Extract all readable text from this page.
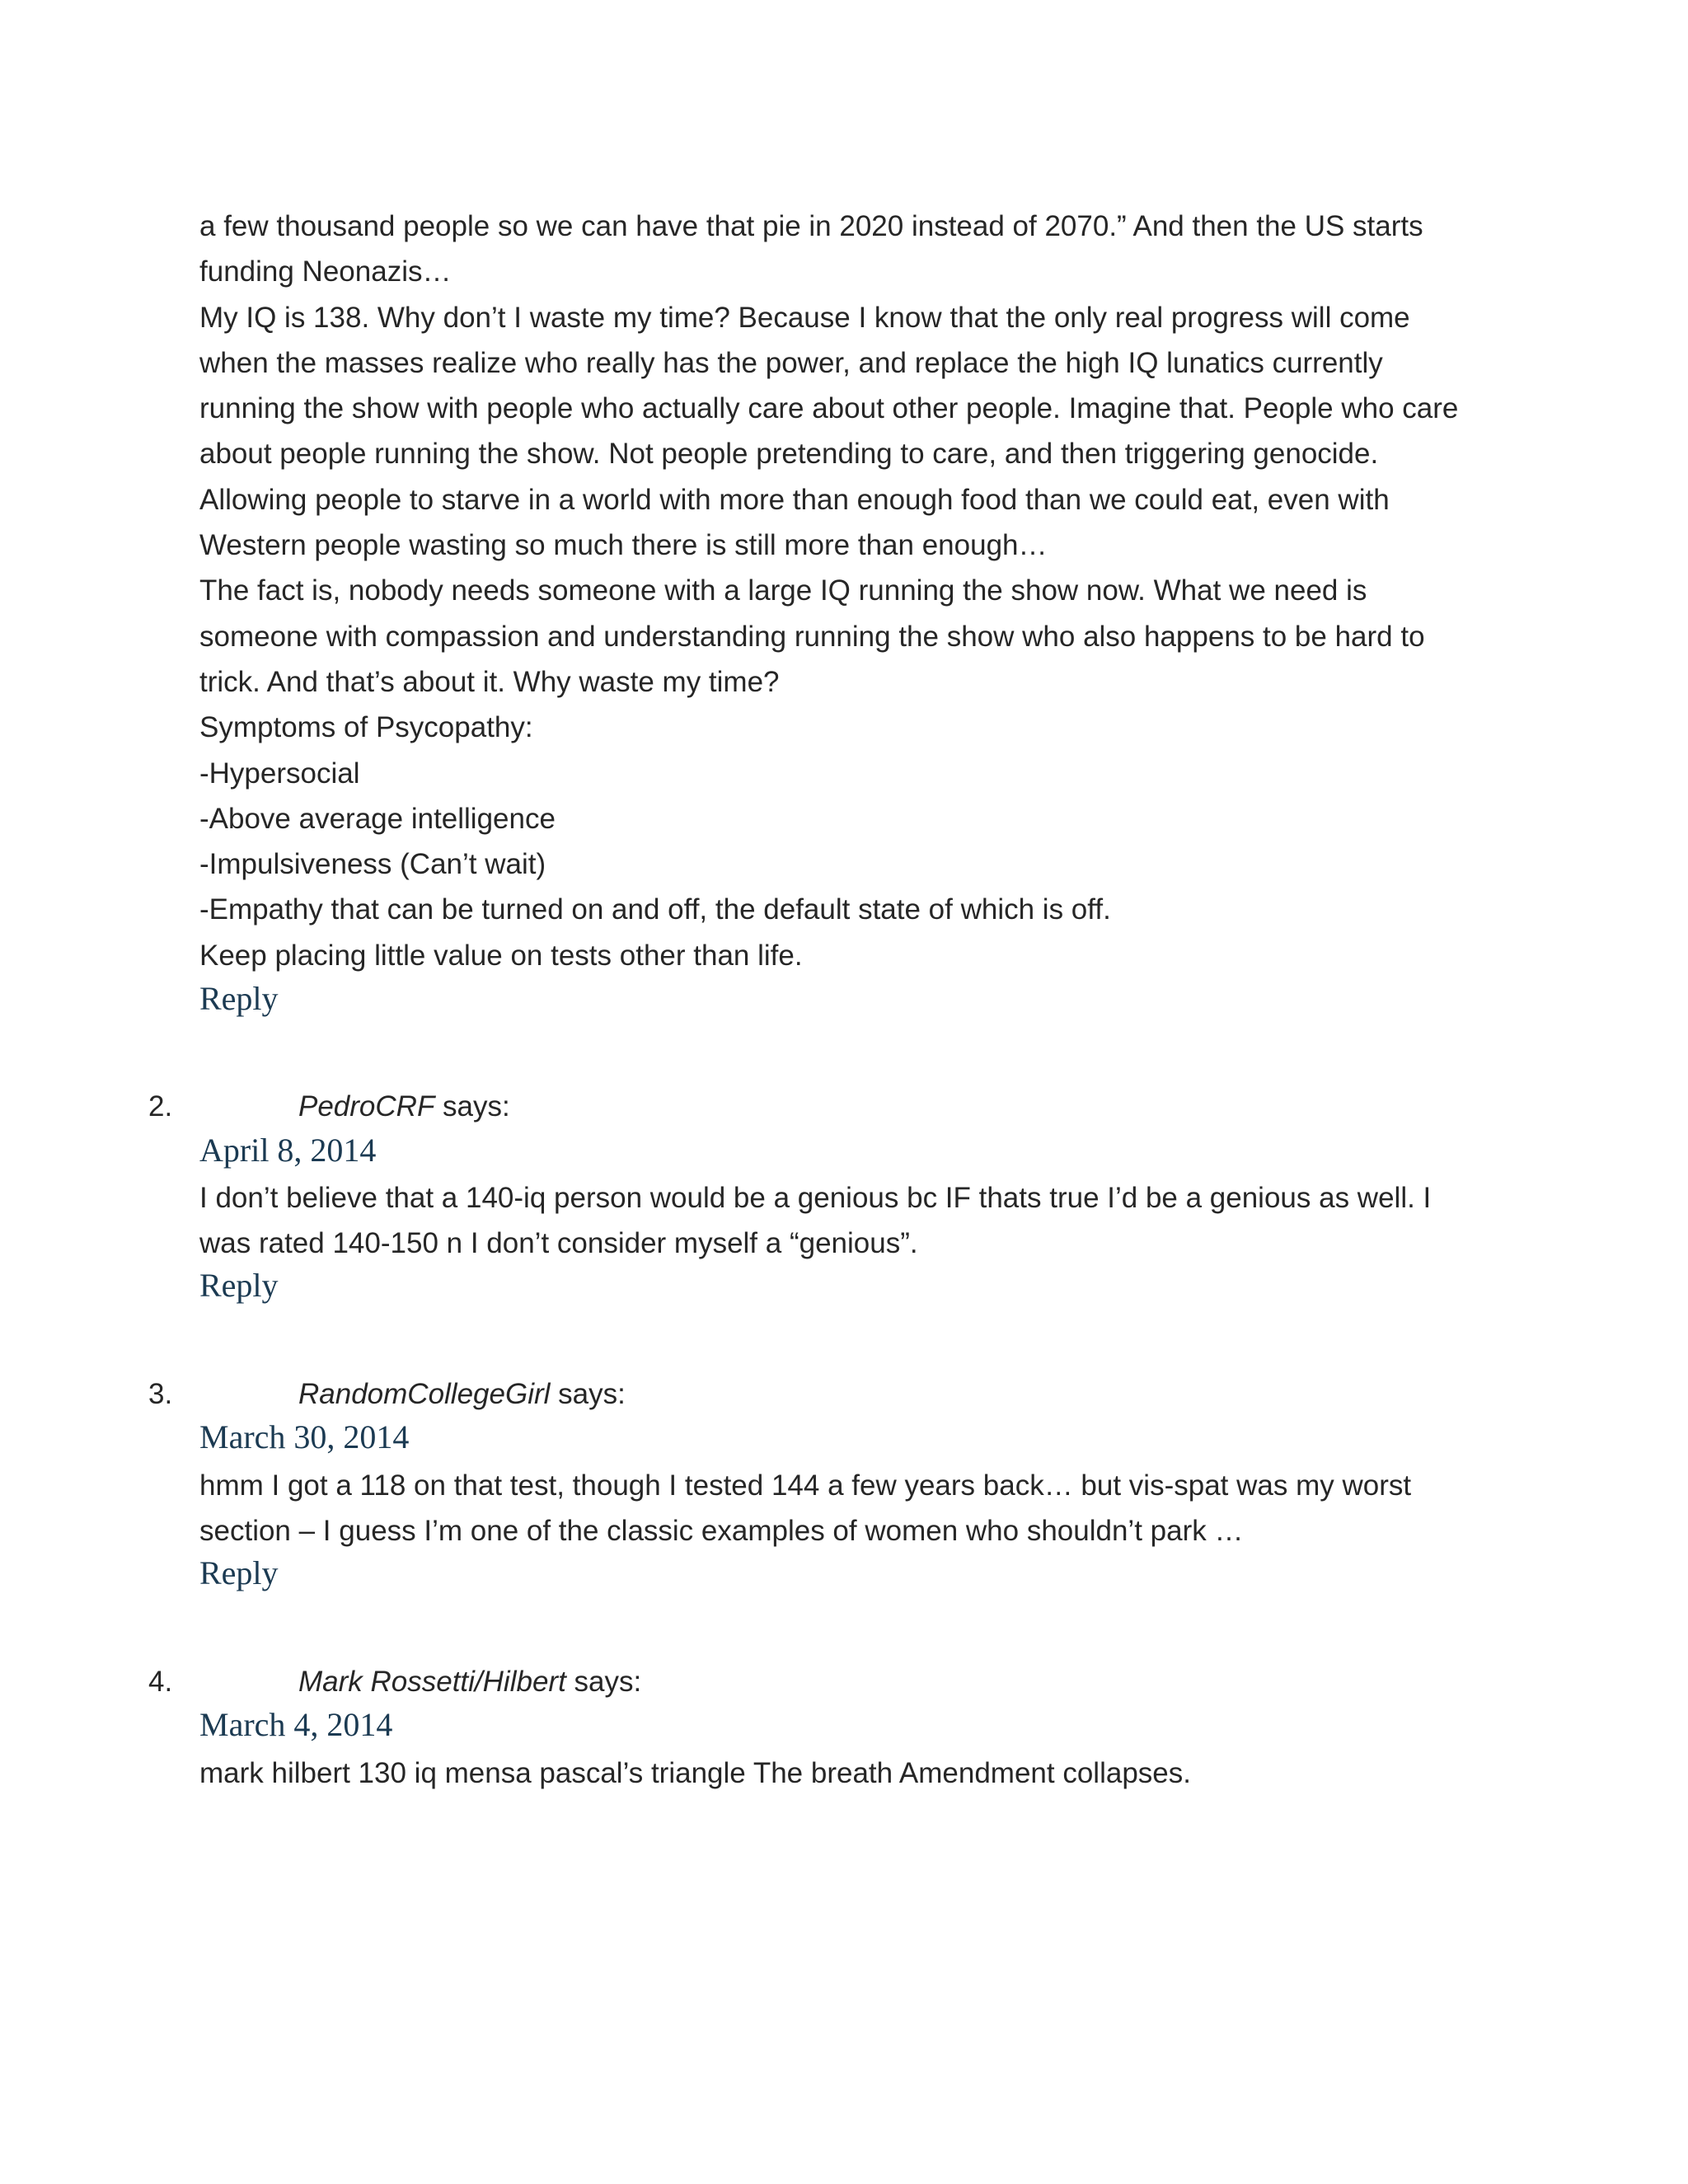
a few thousand people so we can have that pie in 2020 instead of 2070.” And then the US starts
funding Neonazis…
My IQ is 138. Why don’t I waste my time? Because I know that the only real progress will come
when the masses realize who really has the power, and replace the high IQ lunatics currently
running the show with people who actually care about other people. Imagine that. People who care
about people running the show. Not people pretending to care, and then triggering genocide.
Allowing people to starve in a world with more than enough food than we could eat, even with
Western people wasting so much there is still more than enough…
The fact is, nobody needs someone with a large IQ running the show now. What we need is
someone with compassion and understanding running the show who also happens to be hard to
trick. And that’s about it. Why waste my time?
Symptoms of Psycopathy:
-Hypersocial
-Above average intelligence
-Impulsiveness (Can’t wait)
-Empathy that can be turned on and off, the default state of which is off.
Keep placing little value on tests other than life.
Reply
2.	PedroCRF says:
April 8, 2014
I don’t believe that a 140-iq person would be a genious bc IF thats true I’d be a genious as well. I
was rated 140-150 n I don’t consider myself a “genious”.
Reply
3.	RandomCollegeGirl says:
March 30, 2014
hmm I got a 118 on that test, though I tested 144 a few years back… but vis-spat was my worst
section – I guess I’m one of the classic examples of women who shouldn’t park …
Reply
4.	Mark Rossetti/Hilbert says:
March 4, 2014
mark hilbert 130 iq mensa pascal’s triangle The breath Amendment collapses.
